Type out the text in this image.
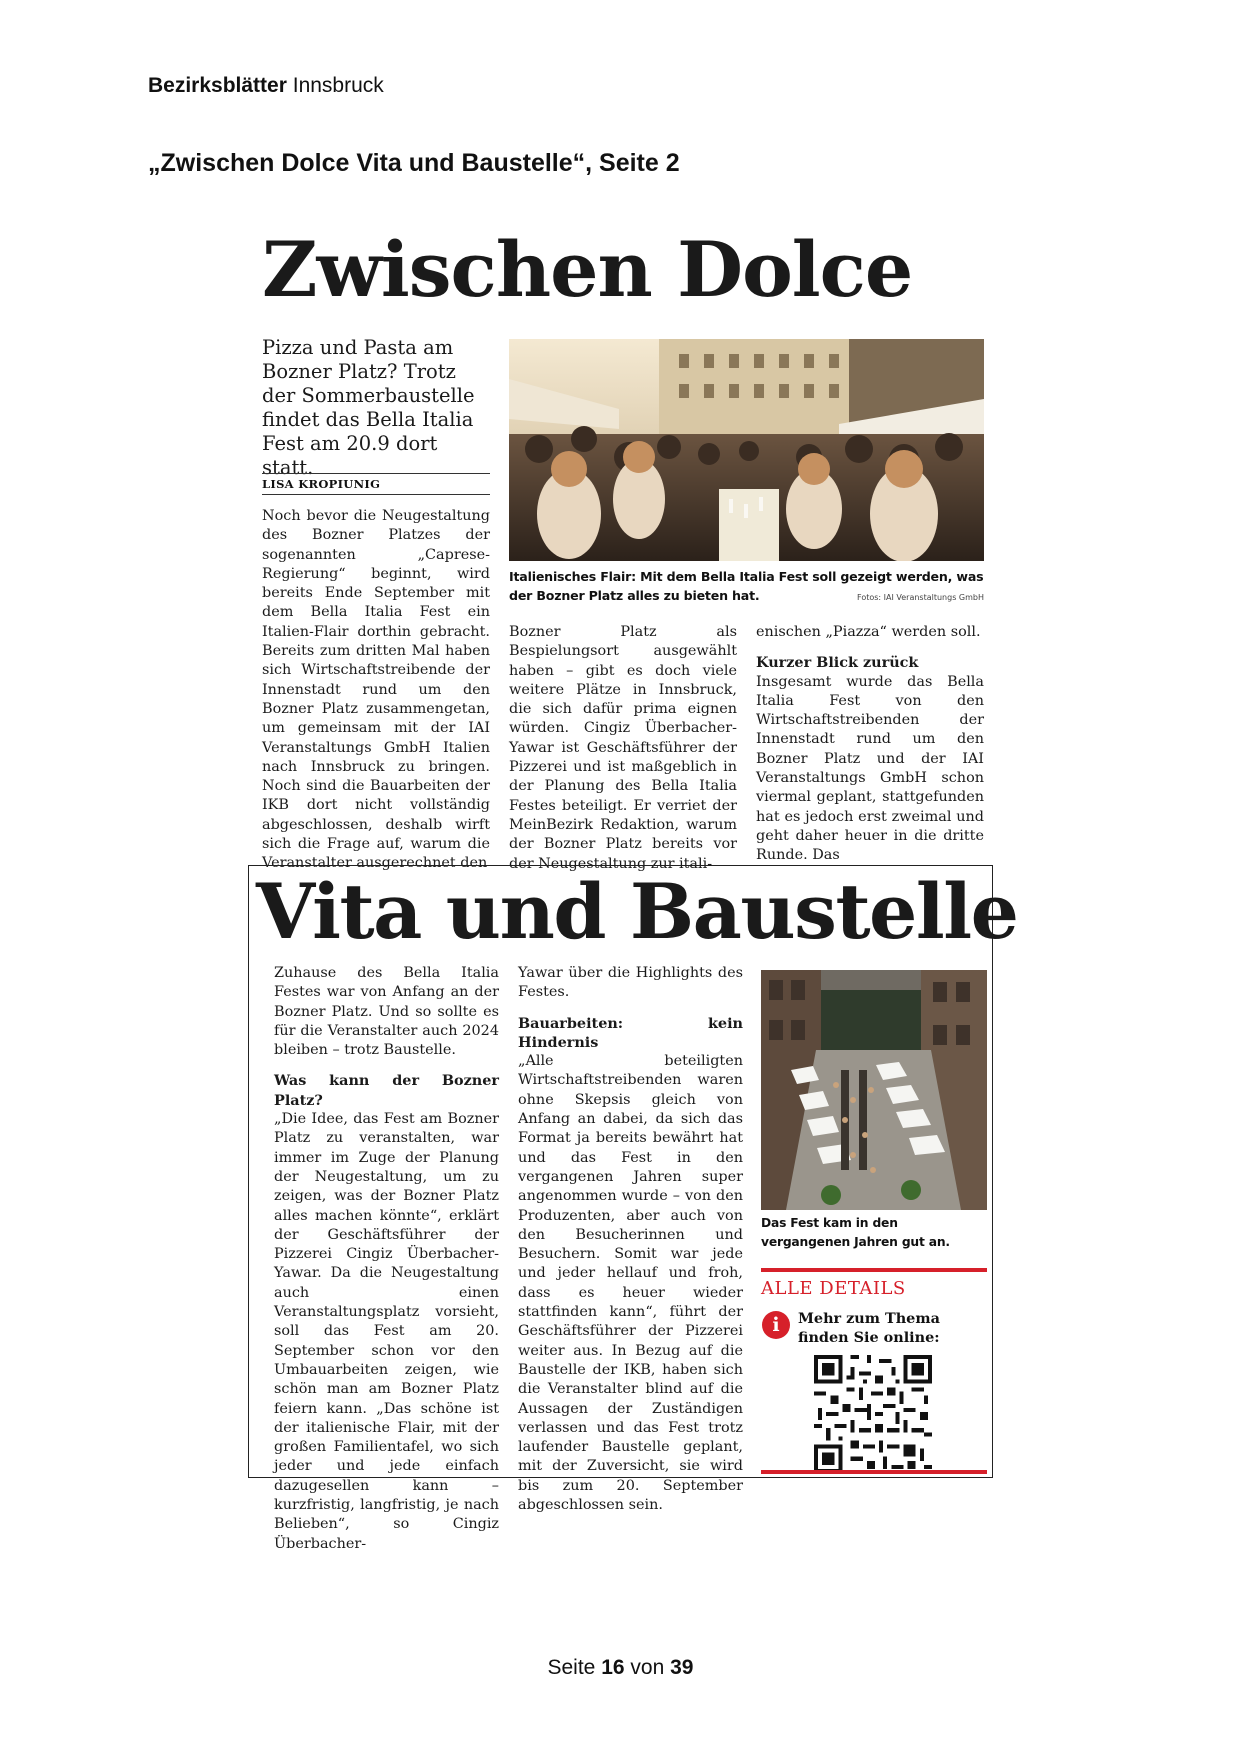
Bezirksblätter Innsbruck
„Zwischen Dolce Vita und Baustelle“, Seite 2
Zwischen Dolce
Pizza und Pasta am Bozner Platz? Trotz der Sommerbaustelle findet das Bella Italia Fest am 20.9 dort statt.
LISA KROPIUNIG

Noch bevor die Neugestaltung des Bozner Platzes der sogenannten „Caprese-Regierung“ beginnt, wird bereits Ende September mit dem Bella Italia Fest ein Italien-Flair dorthin gebracht. Bereits zum dritten Mal haben sich Wirtschaftstreibende der Innenstadt rund um den Bozner Platz zusammengetan, um gemeinsam mit der IAI Veranstaltungs GmbH Italien nach Innsbruck zu bringen. Noch sind die Bauarbeiten der IKB dort nicht vollständig abgeschlossen, deshalb wirft sich die Frage auf, warum die Veranstalter ausgerechnet den

Italienisches Flair: Mit dem Bella Italia Fest soll gezeigt werden, was der Bozner Platz alles zu bieten hat.	Fotos: IAI Veranstaltungs GmbH

Bozner Platz als Bespielungsort ausgewählt haben – gibt es doch viele weitere Plätze in Innsbruck, die sich dafür prima eignen würden. Cingiz Überbacher-Yawar ist Geschäftsführer der Pizzerei und ist maßgeblich in der Planung des Bella Italia Festes beteiligt. Er verriet der MeinBezirk Redaktion, warum der Bozner Platz bereits vor der Neugestaltung zur itali-

enischen „Piazza“ werden soll.

Kurzer Blick zurück

Insgesamt wurde das Bella Italia Fest von den Wirtschaftstreibenden der Innenstadt rund um den Bozner Platz und der IAI Veranstaltungs GmbH schon viermal geplant, stattgefunden hat es jedoch erst zweimal und geht daher heuer in die dritte Runde. Das

Vita und Baustelle

Zuhause des Bella Italia Festes war von Anfang an der Bozner Platz. Und so sollte es für die Veranstalter auch 2024 bleiben – trotz Baustelle.

Was kann der Bozner Platz?

„Die Idee, das Fest am Bozner Platz zu veranstalten, war immer im Zuge der Planung der Neugestaltung, um zu zeigen, was der Bozner Platz alles machen könnte“, erklärt der Geschäftsführer der Pizzerei Cingiz Überbacher-Yawar. Da die Neugestaltung auch einen Veranstaltungsplatz vorsieht, soll das Fest am 20. September schon vor den Umbauarbeiten zeigen, wie schön man am Bozner Platz feiern kann. „Das schöne ist der italienische Flair, mit der großen Familientafel, wo sich jeder und jede einfach dazugesellen kann – kurzfristig, langfristig, je nach Belieben“, so Cingiz Überbacher-

Yawar über die Highlights des Festes.

Bauarbeiten: kein Hindernis

„Alle beteiligten Wirtschaftstreibenden waren ohne Skepsis gleich von Anfang an dabei, da sich das Format ja bereits bewährt hat und das Fest in den vergangenen Jahren super angenommen wurde – von den Produzenten, aber auch von den Besucherinnen und Besuchern. Somit war jede und jeder hellauf und froh, dass es heuer wieder stattfinden kann“, führt der Geschäftsführer der Pizzerei weiter aus. In Bezug auf die Baustelle der IKB, haben sich die Veranstalter blind auf die Aussagen der Zuständigen verlassen und das Fest trotz laufender Baustelle geplant, mit der Zuversicht, sie wird bis zum 20. September abgeschlossen sein.

Das Fest kam in den vergangenen Jahren gut an.
ALLE DETAILS
i	Mehr zum Thema finden Sie online:
Seite 16 von 39
